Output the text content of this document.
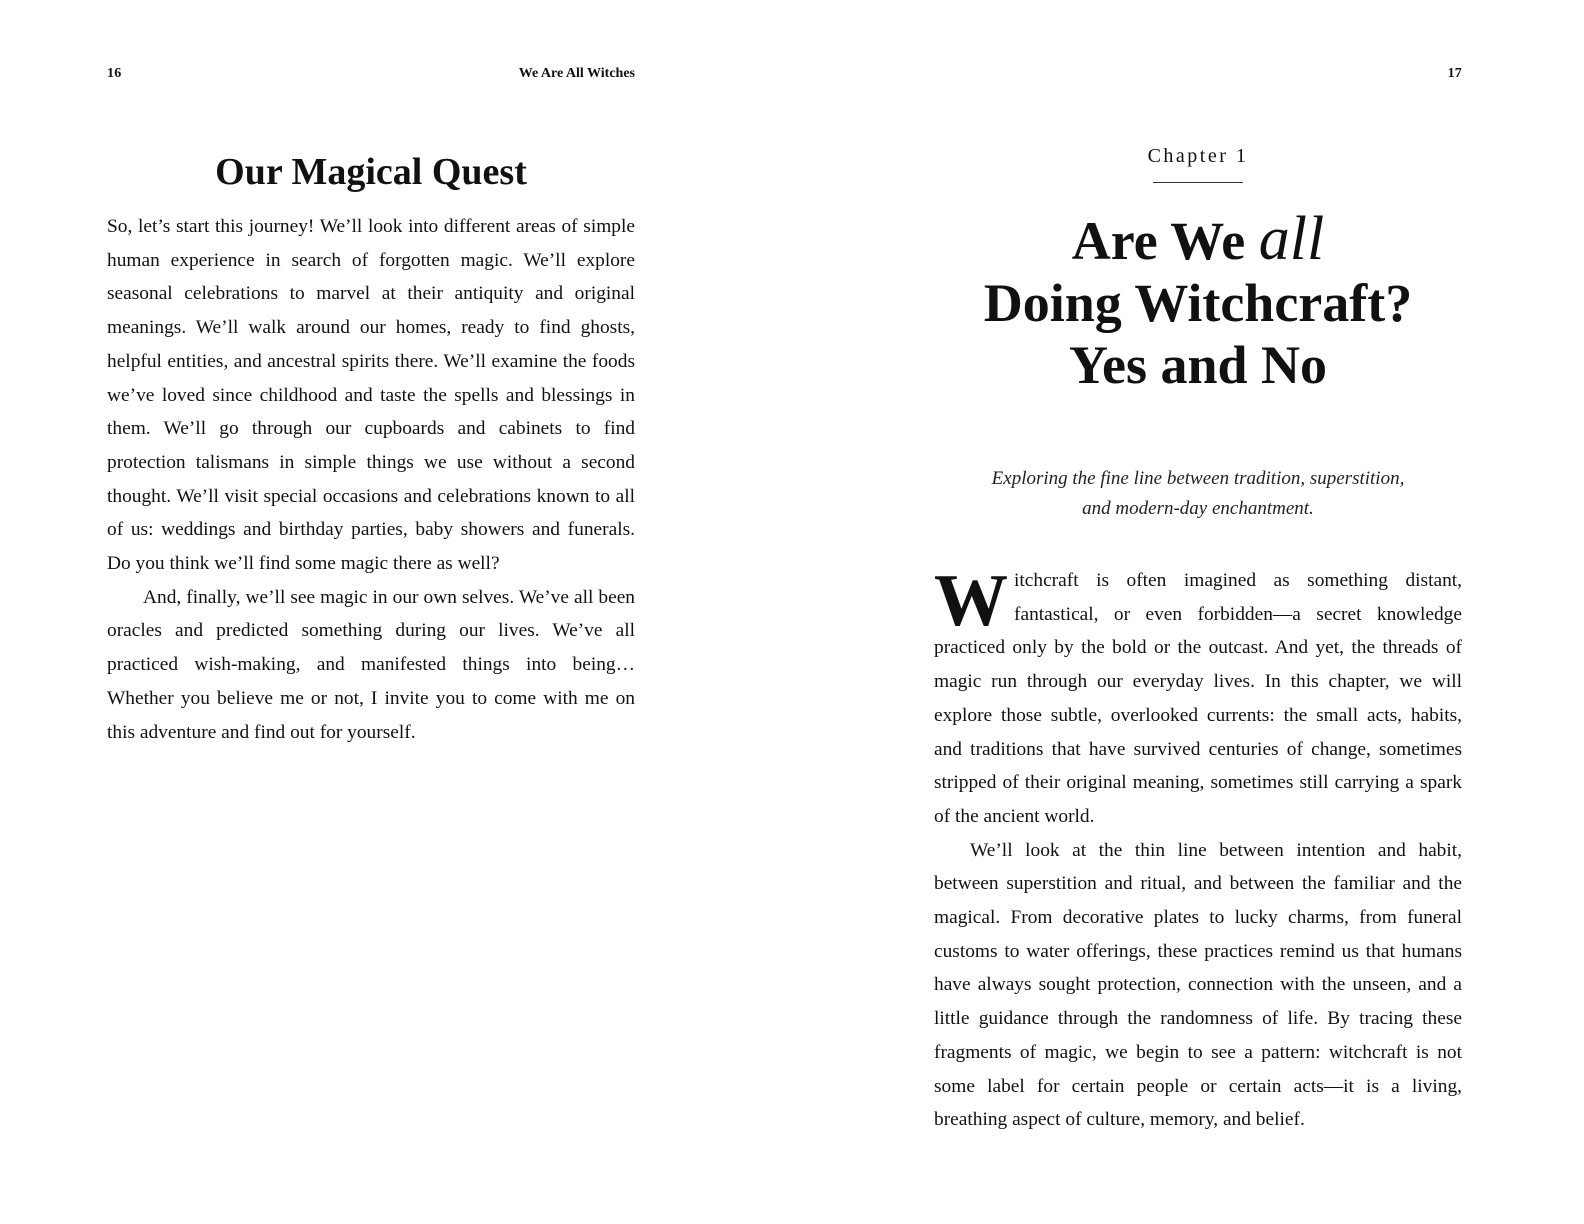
16	We Are All Witches
Our Magical Quest

So, let’s start this journey! We’ll look into different areas of simple human experience in search of forgotten magic. We’ll explore seasonal celebrations to marvel at their antiquity and original meanings. We’ll walk around our homes, ready to find ghosts, helpful entities, and ancestral spirits there. We’ll examine the foods we’ve loved since childhood and taste the spells and blessings in them. We’ll go through our cupboards and cabinets to find protection talismans in simple things we use without a second thought. We’ll visit special occasions and celebrations known to all of us: weddings and birthday parties, baby showers and funerals. Do you think we’ll find some magic there as well?

And, finally, we’ll see magic in our own selves. We’ve all been oracles and predicted something during our lives. We’ve all practiced wish-making, and manifested things into being… Whether you believe me or not, I invite you to come with me on this adventure and find out for yourself.

17
Chapter 1
Are We all
Doing Witchcraft?
Yes and No

Exploring the fine line between tradition, superstition,
and modern-day enchantment.

Witchcraft is often imagined as something distant, fantastical, or even forbidden—a secret knowledge practiced only by the bold or the outcast. And yet, the threads of magic run through our everyday lives. In this chapter, we will explore those subtle, overlooked currents: the small acts, habits, and traditions that have survived centuries of change, sometimes stripped of their original meaning, sometimes still carrying a spark of the ancient world.

We’ll look at the thin line between intention and habit, between superstition and ritual, and between the familiar and the magical. From decorative plates to lucky charms, from funeral customs to water offerings, these practices remind us that humans have always sought protection, connection with the unseen, and a little guidance through the randomness of life. By tracing these fragments of magic, we begin to see a pattern: witchcraft is not some label for certain people or certain acts—it is a living, breathing aspect of culture, memory, and belief.
